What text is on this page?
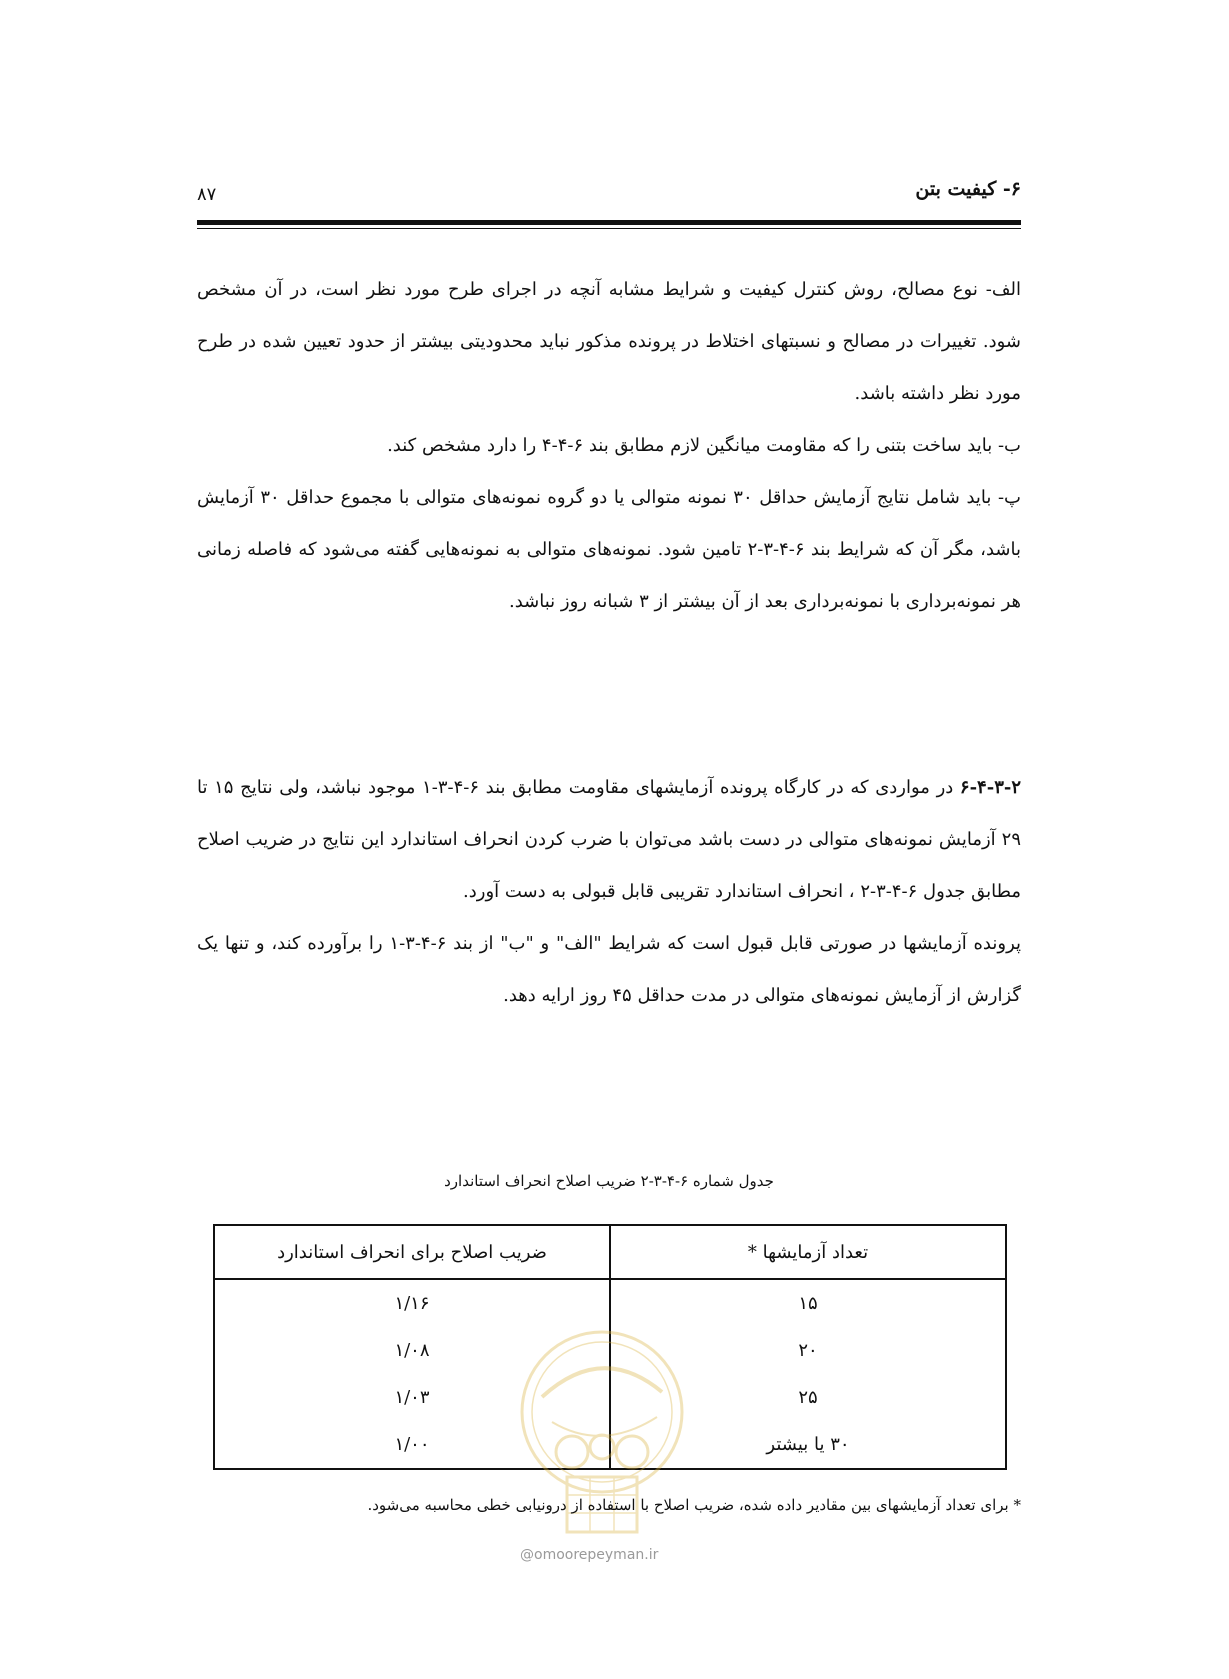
۶- کیفیت بتن
۸۷

الف- نوع مصالح، روش کنترل کیفیت و شرایط مشابه آنچه در اجرای طرح مورد نظر است، در آن مشخص شود. تغییرات در مصالح و نسبتهای اختلاط در پرونده مذکور نباید محدودیتی بیشتر از حدود تعیین شده در طرح مورد نظر داشته باشد.

ب- باید ساخت بتنی را که مقاومت میانگین لازم مطابق بند ۶-۴-۴ را دارد مشخص کند.

پ- باید شامل نتایج آزمایش حداقل ۳۰ نمونه متوالی یا دو گروه نمونه‌های متوالی با مجموع حداقل ۳۰ آزمایش باشد، مگر آن که شرایط بند ۶-۴-۳-۲ تامین شود. نمونه‌های متوالی به نمونه‌هایی گفته می‌شود که فاصله زمانی هر نمونه‌برداری با نمونه‌برداری بعد از آن بیشتر از ۳ شبانه روز نباشد.

۶-۴-۳-۲ در مواردی که در کارگاه پرونده آزمایشهای مقاومت مطابق بند ۶-۴-۳-۱ موجود نباشد، ولی نتایج ۱۵ تا ۲۹ آزمایش نمونه‌های متوالی در دست باشد می‌توان با ضرب کردن انحراف استاندارد این نتایج در ضریب اصلاح مطابق جدول ۶-۴-۳-۲ ، انحراف استاندارد تقریبی قابل قبولی به دست آورد.

پرونده آزمایشها در صورتی قابل قبول است که شرایط "الف" و "ب" از بند ۶-۴-۳-۱ را برآورده کند، و تنها یک گزارش از آزمایش نمونه‌های متوالی در مدت حداقل ۴۵ روز ارایه دهد.

جدول شماره ۶-۴-۳-۲ ضریب اصلاح انحراف استاندارد
تعداد آزمایشها *	ضریب اصلاح برای انحراف استاندارد
۱۵	۱/۱۶
۲۰	۱/۰۸
۲۵	۱/۰۳
۳۰ یا بیشتر	۱/۰۰
@omoorepeyman.ir
* برای تعداد آزمایشهای بین مقادیر داده شده، ضریب اصلاح با استفاده از درونیابی خطی محاسبه می‌شود.
